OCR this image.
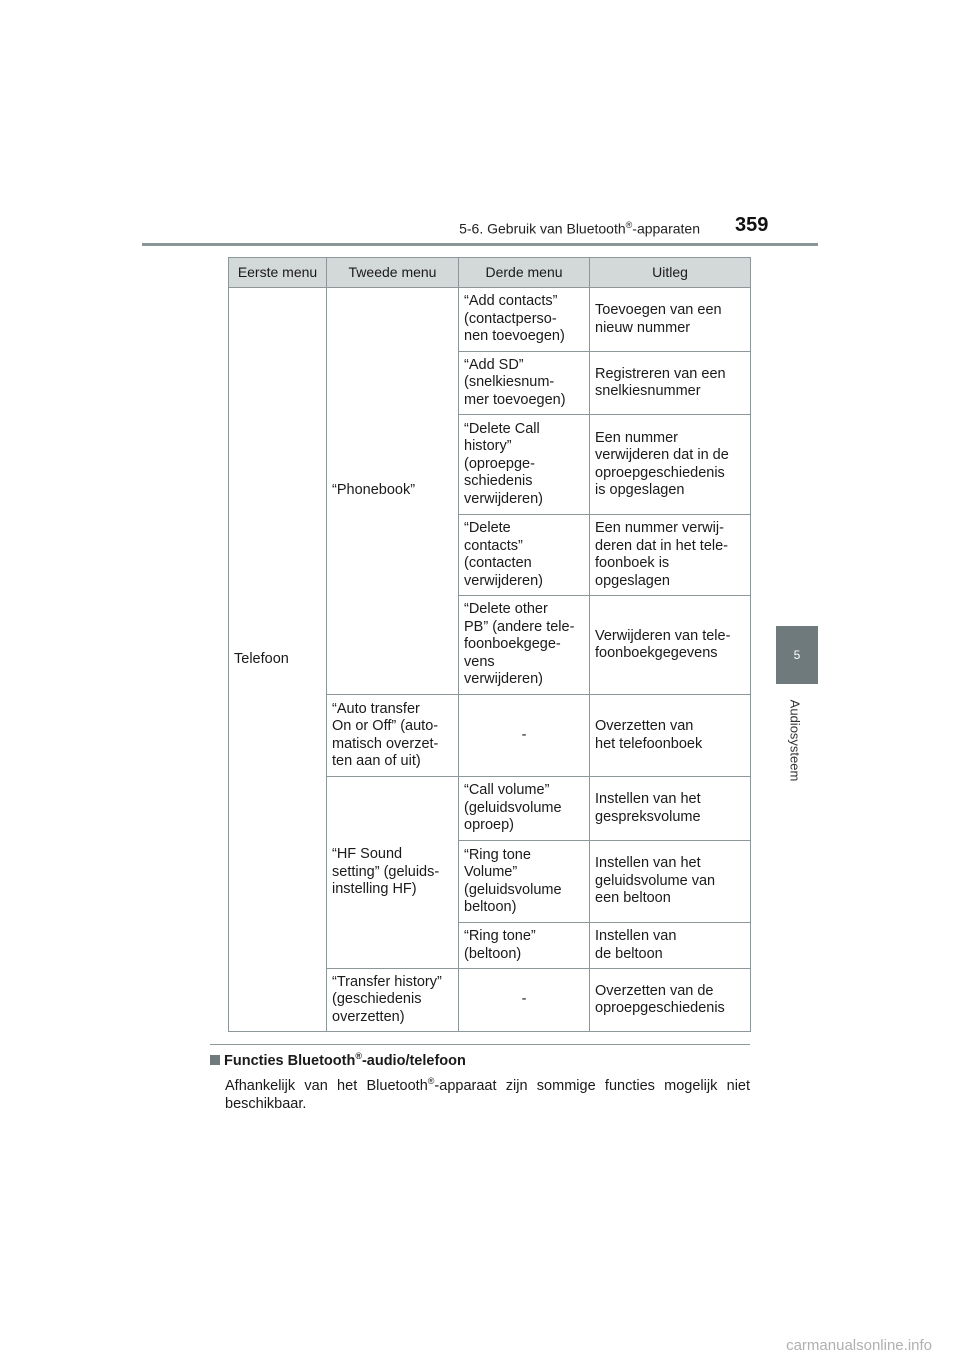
5-6. Gebruik van Bluetooth®-apparaten 359
5
Audiosysteem
Eerste menu	Tweede menu	Derde menu	Uitleg
Telefoon	“Phonebook”	“Add contacts”
(contactperso-
nen toevoegen)	Toevoegen van een
nieuw nummer
		“Add SD”
(snelkiesnum-
mer toevoegen)	Registreren van een
snelkiesnummer
		“Delete Call
history”
(oproepge-
schiedenis
verwijderen)	Een nummer
verwijderen dat in de
oproepgeschiedenis
is opgeslagen
		“Delete
contacts”
(contacten
verwijderen)	Een nummer verwij-
deren dat in het tele-
foonboek is
opgeslagen
		“Delete other
PB” (andere tele-
foonboekgege-
vens
verwijderen)	Verwijderen van tele-
foonboekgegevens
	“Auto transfer
On or Off” (auto-
matisch overzet-
ten aan of uit)	-	Overzetten van
het telefoonboek
	“HF Sound
setting” (geluids-
instelling HF)	“Call volume”
(geluidsvolume
oproep)	Instellen van het
gespreksvolume
		“Ring tone
Volume”
(geluidsvolume
beltoon)	Instellen van het
geluidsvolume van
een beltoon
		“Ring tone”
(beltoon)	Instellen van
de beltoon
	“Transfer history”
(geschiedenis
overzetten)	-	Overzetten van de
oproepgeschiedenis
Functies Bluetooth®-audio/telefoon
Afhankelijk van het Bluetooth®-apparaat zijn sommige functies mogelijk niet beschikbaar.
carmanualsonline.info
